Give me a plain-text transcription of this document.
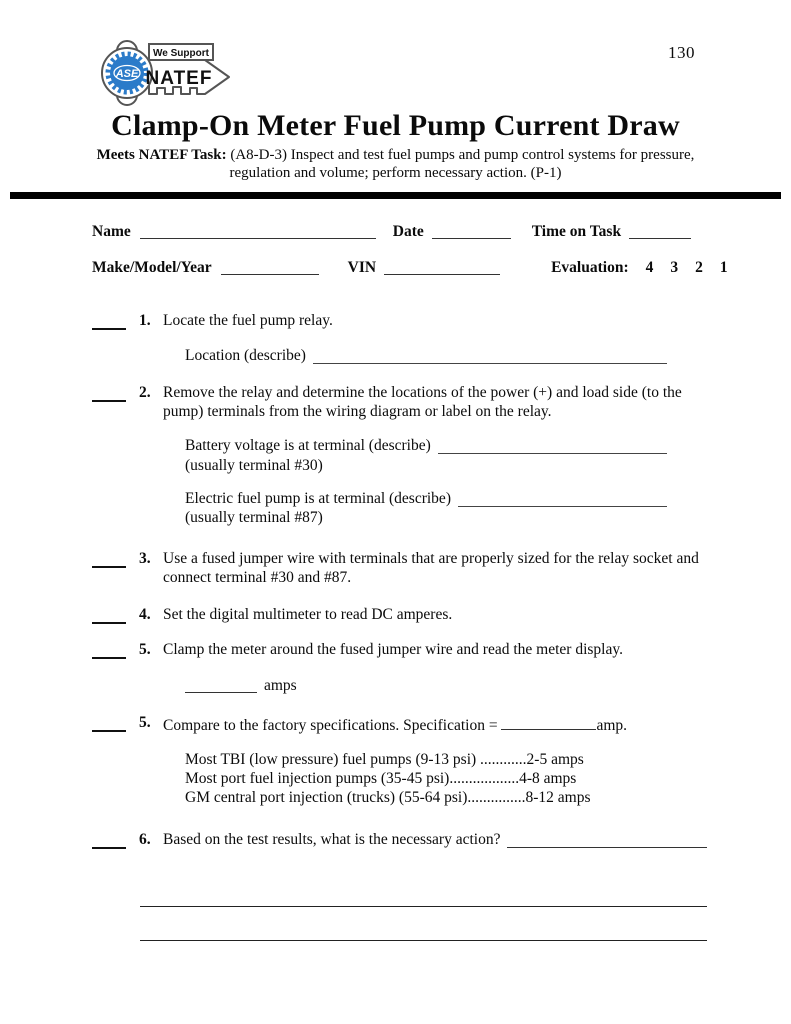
130
ASE
We Support
NATEF
Clamp-On Meter Fuel Pump Current Draw

Meets NATEF Task: (A8-D-3) Inspect and test fuel pumps and pump control systems for pressure, regulation and volume; perform necessary action. (P-1)

Name	Date	Time on Task
Make/Model/Year	VIN	Evaluation: 4 3 2 1
1. Locate the fuel pump relay.
Location (describe)
2. Remove the relay and determine the locations of the power (+) and load side (to the pump) terminals from the wiring diagram or label on the relay.
Battery voltage is at terminal (describe)
(usually terminal #30)
Electric fuel pump is at terminal (describe)
(usually terminal #87)
3. Use a fused jumper wire with terminals that are properly sized for the relay socket and connect terminal #30 and #87.
4. Set the digital multimeter to read DC amperes.
5. Clamp the meter around the fused jumper wire and read the meter display.
amps
5. Compare to the factory specifications. Specification =	amp.
Most TBI (low pressure) fuel pumps (9-13 psi) ............2-5 amps
Most port fuel injection pumps (35-45 psi)..................4-8 amps
GM central port injection (trucks) (55-64 psi)...............8-12 amps
6. Based on the test results, what is the necessary action?
